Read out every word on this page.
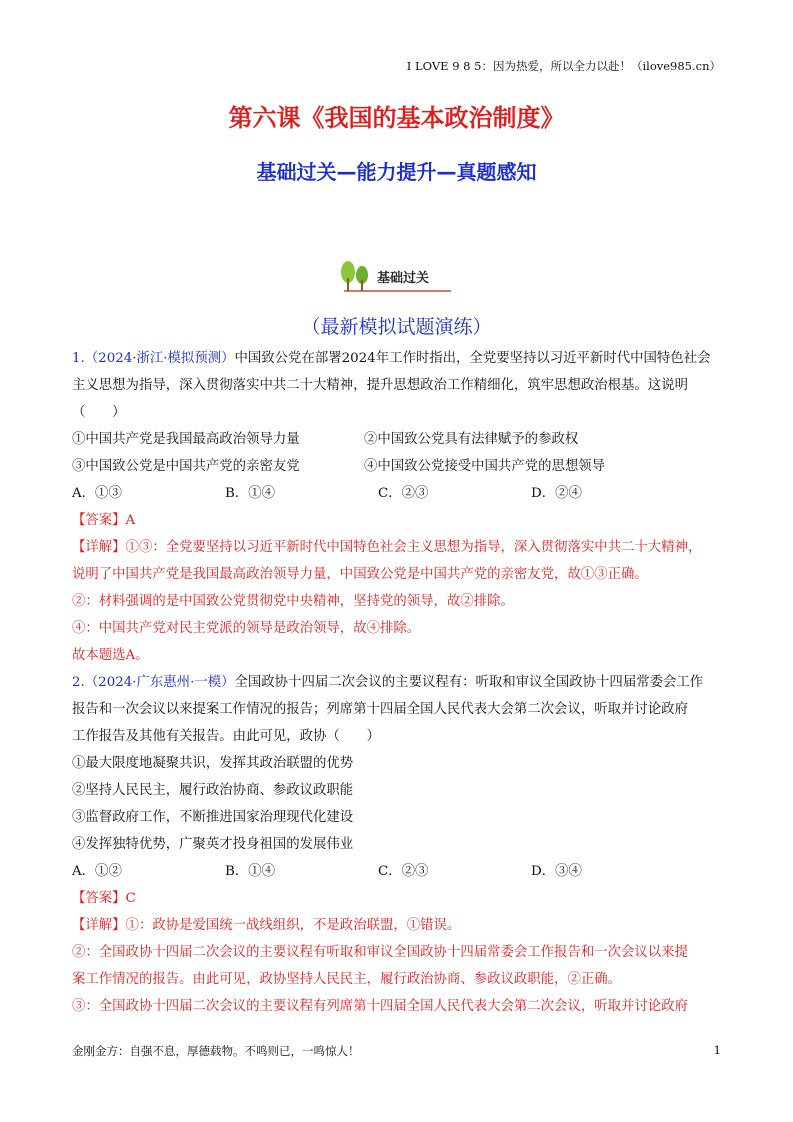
I LOVE 9 8 5：因为热爱，所以全力以赴！（ilove985.cn）
第六课《我国的基本政治制度》
基础过关—能力提升—真题感知
基础过关
（最新模拟试题演练）
1.（2024·浙江·模拟预测）中国致公党在部署2024年工作时指出，全党要坚持以习近平新时代中国特色社会
主义思想为指导，深入贯彻落实中共二十大精神，提升思想政治工作精细化，筑牢思想政治根基。这说明
（　　）
①中国共产党是我国最高政治领导力量	②中国致公党具有法律赋予的参政权
③中国致公党是中国共产党的亲密友党	④中国致公党接受中国共产党的思想领导
A．①③	B．①④	C．②③	D．②④
【答案】A
【详解】①③：全党要坚持以习近平新时代中国特色社会主义思想为指导，深入贯彻落实中共二十大精神，
说明了中国共产党是我国最高政治领导力量，中国致公党是中国共产党的亲密友党，故①③正确。
②：材料强调的是中国致公党贯彻党中央精神，坚持党的领导，故②排除。
④：中国共产党对民主党派的领导是政治领导，故④排除。
故本题选A。
2.（2024·广东惠州·一模）全国政协十四届二次会议的主要议程有：听取和审议全国政协十四届常委会工作
报告和一次会议以来提案工作情况的报告；列席第十四届全国人民代表大会第二次会议，听取并讨论政府
工作报告及其他有关报告。由此可见，政协（　　）
①最大限度地凝聚共识，发挥其政治联盟的优势
②坚持人民民主，履行政治协商、参政议政职能
③监督政府工作，不断推进国家治理现代化建设
④发挥独特优势，广聚英才投身祖国的发展伟业
A．①②	B．①④	C．②③	D．③④
【答案】C
【详解】①：政协是爱国统一战线组织，不是政治联盟，①错误。
②：全国政协十四届二次会议的主要议程有听取和审议全国政协十四届常委会工作报告和一次会议以来提
案工作情况的报告。由此可见，政协坚持人民民主，履行政治协商、参政议政职能，②正确。
③：全国政协十四届二次会议的主要议程有列席第十四届全国人民代表大会第二次会议，听取并讨论政府
金刚金方：自强不息，厚德载物。不鸣则已，一鸣惊人！	1
